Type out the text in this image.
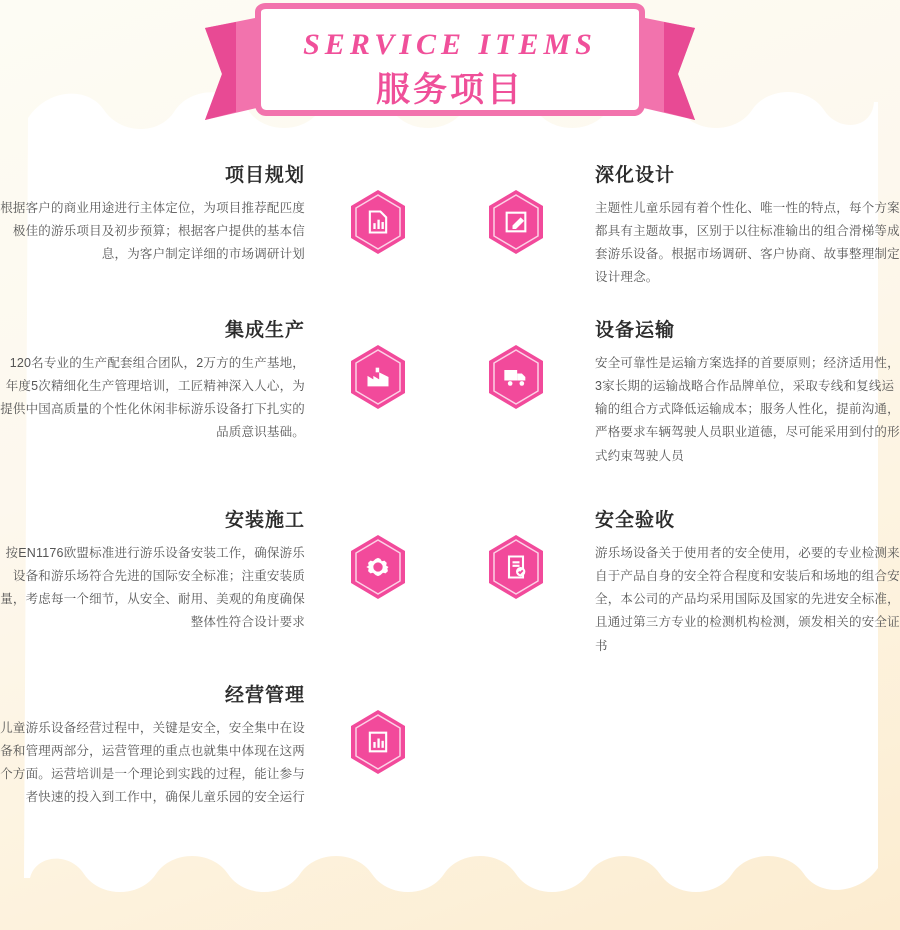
SERVICE ITEMS
服务项目
项目规划
根据客户的商业用途进行主体定位，为项目推荐配匹度极佳的游乐项目及初步预算；根据客户提供的基本信息，为客户制定详细的市场调研计划
深化设计
主题性儿童乐园有着个性化、唯一性的特点，每个方案都具有主题故事，区别于以往标准输出的组合滑梯等成套游乐设备。根据市场调研、客户协商、故事整理制定设计理念。
集成生产
120名专业的生产配套组合团队，2万方的生产基地，年度5次精细化生产管理培训，工匠精神深入人心，为提供中国高质量的个性化休闲非标游乐设备打下扎实的品质意识基础。
设备运输
安全可靠性是运输方案选择的首要原则；经济适用性，3家长期的运输战略合作品牌单位，采取专线和复线运输的组合方式降低运输成本；服务人性化，提前沟通，严格要求车辆驾驶人员职业道德，尽可能采用到付的形式约束驾驶人员
安装施工
按EN1176欧盟标准进行游乐设备安装工作，确保游乐设备和游乐场符合先进的国际安全标准；注重安装质量，考虑每一个细节，从安全、耐用、美观的角度确保整体性符合设计要求
安全验收
游乐场设备关于使用者的安全使用，必要的专业检测来自于产品自身的安全符合程度和安装后和场地的组合安全，本公司的产品均采用国际及国家的先进安全标准，且通过第三方专业的检测机构检测，颁发相关的安全证书
经营管理
儿童游乐设备经营过程中，关键是安全，安全集中在设备和管理两部分，运营管理的重点也就集中体现在这两个方面。运营培训是一个理论到实践的过程，能让参与者快速的投入到工作中，确保儿童乐园的安全运行
